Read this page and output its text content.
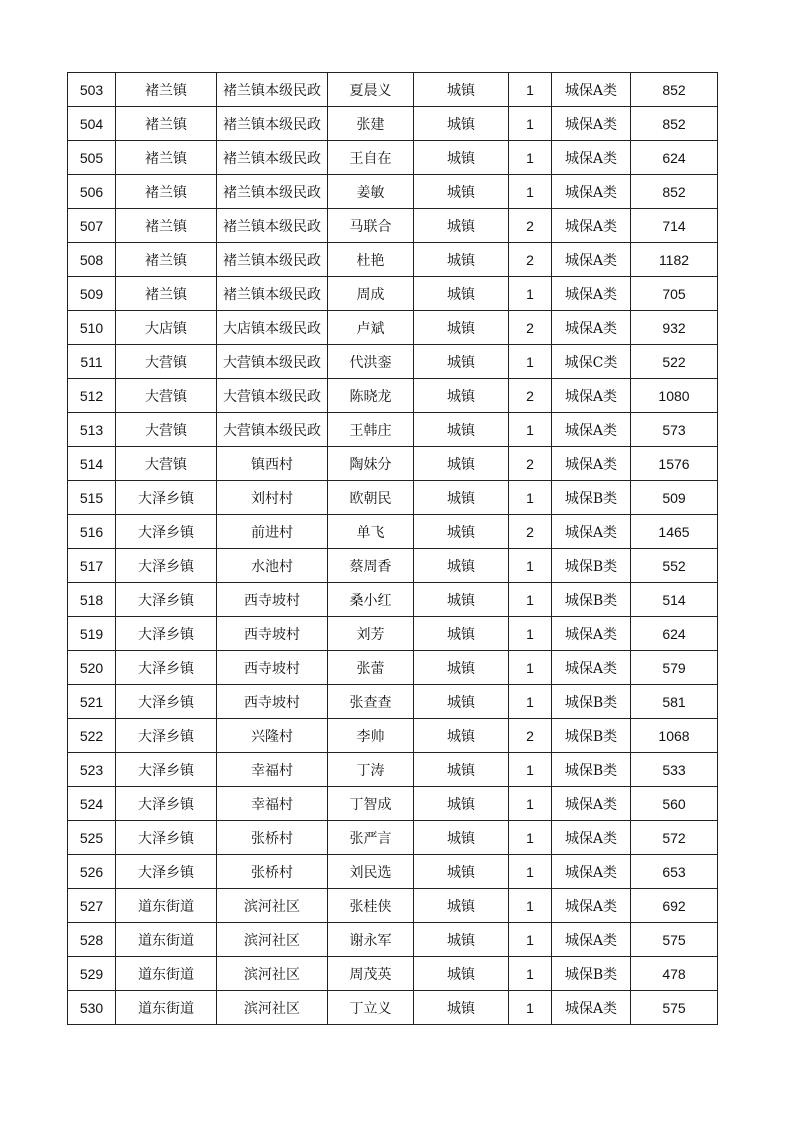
503	褚兰镇	褚兰镇本级民政	夏晨义	城镇	1	城保A类	852
504	褚兰镇	褚兰镇本级民政	张建	城镇	1	城保A类	852
505	褚兰镇	褚兰镇本级民政	王自在	城镇	1	城保A类	624
506	褚兰镇	褚兰镇本级民政	姜敏	城镇	1	城保A类	852
507	褚兰镇	褚兰镇本级民政	马联合	城镇	2	城保A类	714
508	褚兰镇	褚兰镇本级民政	杜艳	城镇	2	城保A类	1182
509	褚兰镇	褚兰镇本级民政	周成	城镇	1	城保A类	705
510	大店镇	大店镇本级民政	卢斌	城镇	2	城保A类	932
511	大营镇	大营镇本级民政	代洪銮	城镇	1	城保C类	522
512	大营镇	大营镇本级民政	陈晓龙	城镇	2	城保A类	1080
513	大营镇	大营镇本级民政	王韩庄	城镇	1	城保A类	573
514	大营镇	镇西村	陶妹分	城镇	2	城保A类	1576
515	大泽乡镇	刘村村	欧朝民	城镇	1	城保B类	509
516	大泽乡镇	前进村	单飞	城镇	2	城保A类	1465
517	大泽乡镇	水池村	蔡周香	城镇	1	城保B类	552
518	大泽乡镇	西寺坡村	桑小红	城镇	1	城保B类	514
519	大泽乡镇	西寺坡村	刘芳	城镇	1	城保A类	624
520	大泽乡镇	西寺坡村	张蕾	城镇	1	城保A类	579
521	大泽乡镇	西寺坡村	张查查	城镇	1	城保B类	581
522	大泽乡镇	兴隆村	李帅	城镇	2	城保B类	1068
523	大泽乡镇	幸福村	丁涛	城镇	1	城保B类	533
524	大泽乡镇	幸福村	丁智成	城镇	1	城保A类	560
525	大泽乡镇	张桥村	张严言	城镇	1	城保A类	572
526	大泽乡镇	张桥村	刘民选	城镇	1	城保A类	653
527	道东街道	滨河社区	张桂侠	城镇	1	城保A类	692
528	道东街道	滨河社区	谢永军	城镇	1	城保A类	575
529	道东街道	滨河社区	周茂英	城镇	1	城保B类	478
530	道东街道	滨河社区	丁立义	城镇	1	城保A类	575
